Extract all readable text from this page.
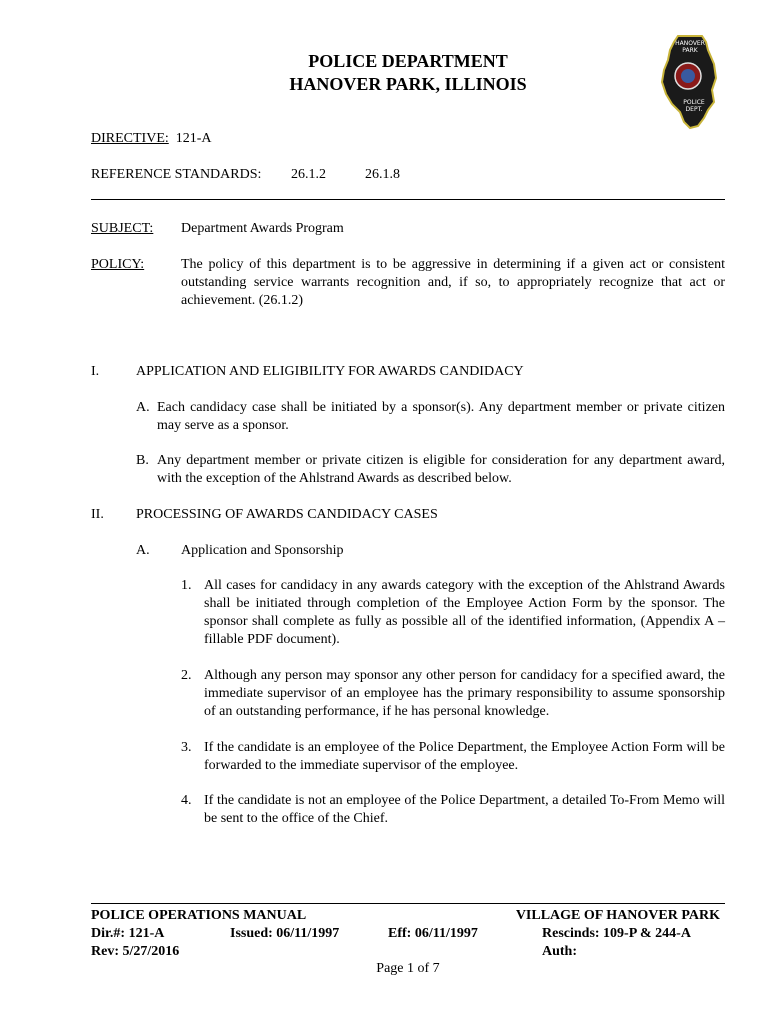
POLICE DEPARTMENT
HANOVER PARK, ILLINOIS
HANOVER
PARK
POLICE
DEPT.
DIRECTIVE: 121-A
REFERENCE STANDARDS: 26.1.2	26.1.8
SUBJECT: Department Awards Program
POLICY:	The policy of this department is to be aggressive in determining if a given act or consistent outstanding service warrants recognition and, if so, to appropriately recognize that act or achievement. (26.1.2)
I.	APPLICATION AND ELIGIBILITY FOR AWARDS CANDIDACY
A. Each candidacy case shall be initiated by a sponsor(s). Any department member or private citizen may serve as a sponsor.
B. Any department member or private citizen is eligible for consideration for any department award, with the exception of the Ahlstrand Awards as described below.
II. PROCESSING OF AWARDS CANDIDACY CASES
A. Application and Sponsorship
1. All cases for candidacy in any awards category with the exception of the Ahlstrand Awards shall be initiated through completion of the Employee Action Form by the sponsor. The sponsor shall complete as fully as possible all of the identified information, (Appendix A – fillable PDF document).
2. Although any person may sponsor any other person for candidacy for a specified award, the immediate supervisor of an employee has the primary responsibility to assume sponsorship of an outstanding performance, if he has personal knowledge.
3. If the candidate is an employee of the Police Department, the Employee Action Form will be forwarded to the immediate supervisor of the employee.
4. If the candidate is not an employee of the Police Department, a detailed To-From Memo will be sent to the office of the Chief.
POLICE OPERATIONS MANUAL	VILLAGE OF HANOVER PARK
Dir.#: 121-A	Issued: 06/11/1997	Eff: 06/11/1997	Rescinds: 109-P & 244-A
Rev: 5/27/2016	Auth:
Page 1 of 7
